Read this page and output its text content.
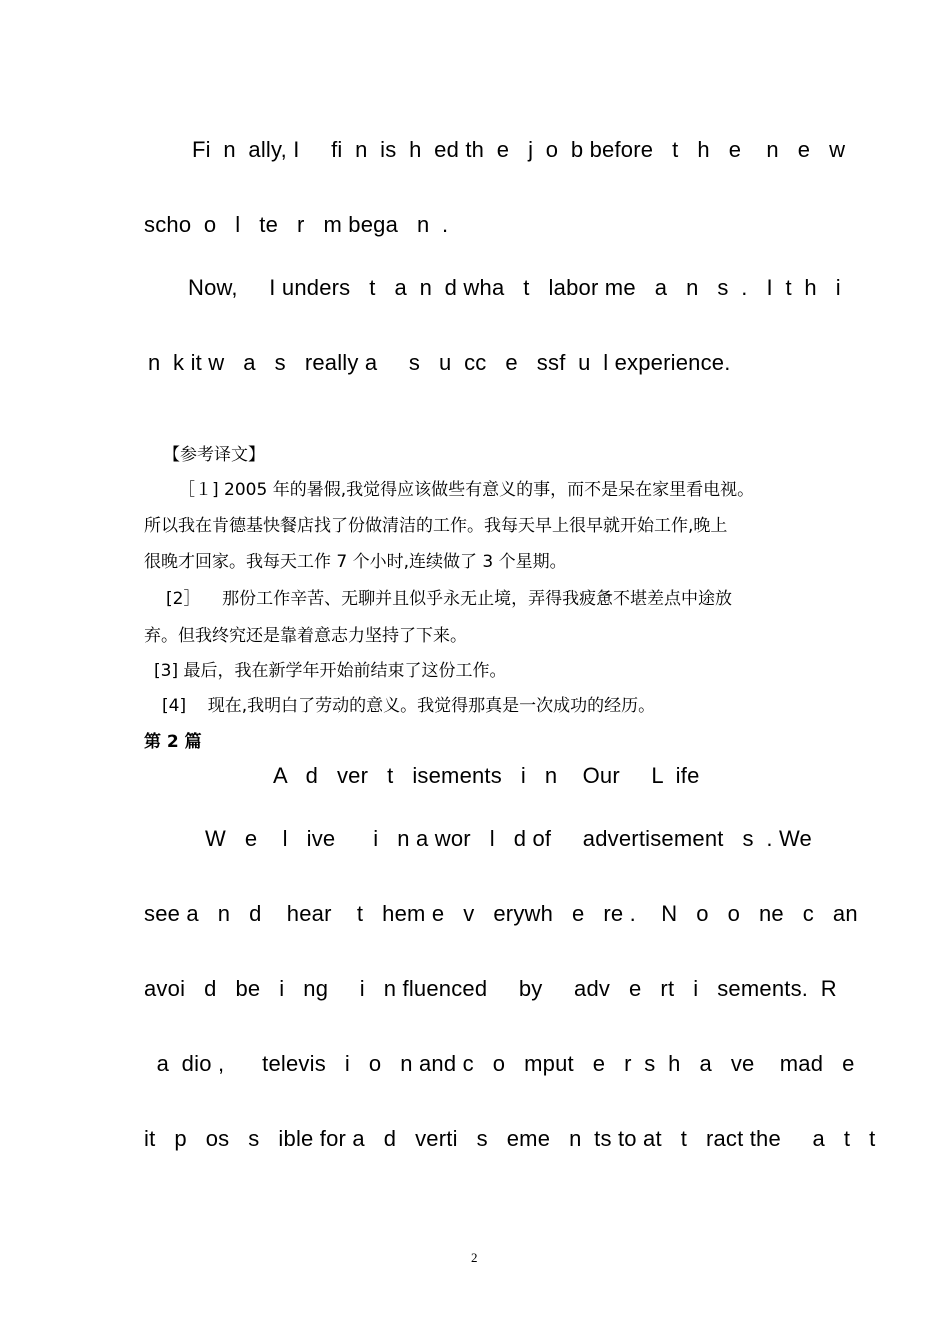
Fi  n  ally, I     fi  n  is  h  ed th  e   j  o  b before   t   h   e    n   e   w

scho  o   l   te   r   m bega   n  .

Now,     I unders   t   a  n  d wha   t   labor me   a   n   s  .   I  t  h   i

n  k it w   a   s   really a     s   u  cc   e   ssf  u  l experience.

【参考译文】

［１] 2005 年的暑假,我觉得应该做些有意义的事，而不是呆在家里看电视。

所以我在肯德基快餐店找了份做清洁的工作。我每天早上很早就开始工作,晚上

很晚才回家。我每天工作 7 个小时,连续做了 3 个星期。

[2］    那份工作辛苦、无聊并且似乎永无止境，弄得我疲惫不堪差点中途放

弃。但我终究还是靠着意志力坚持了下来。

[3] 最后，我在新学年开始前结束了这份工作。

[4]    现在,我明白了劳动的意义。我觉得那真是一次成功的经历。

第 2 篇

A   d   ver   t   isements   i   n    Our     L  ife

W   e    l   ive      i   n a wor   l   d of     advertisement   s  . We

see a   n   d    hear    t   hem e   v   erywh   e   re .    N   o   o   ne   c   an

avoi   d   be   i   ng     i   n fluenced     by     adv   e   rt   i   sements.  R

a  dio ,      televis   i   o   n and c   o   mput   e   r  s  h   a   ve    mad   e

it   p   os   s   ible for a   d   verti   s   eme   n  ts to at   t   ract the     a   t   t

2
